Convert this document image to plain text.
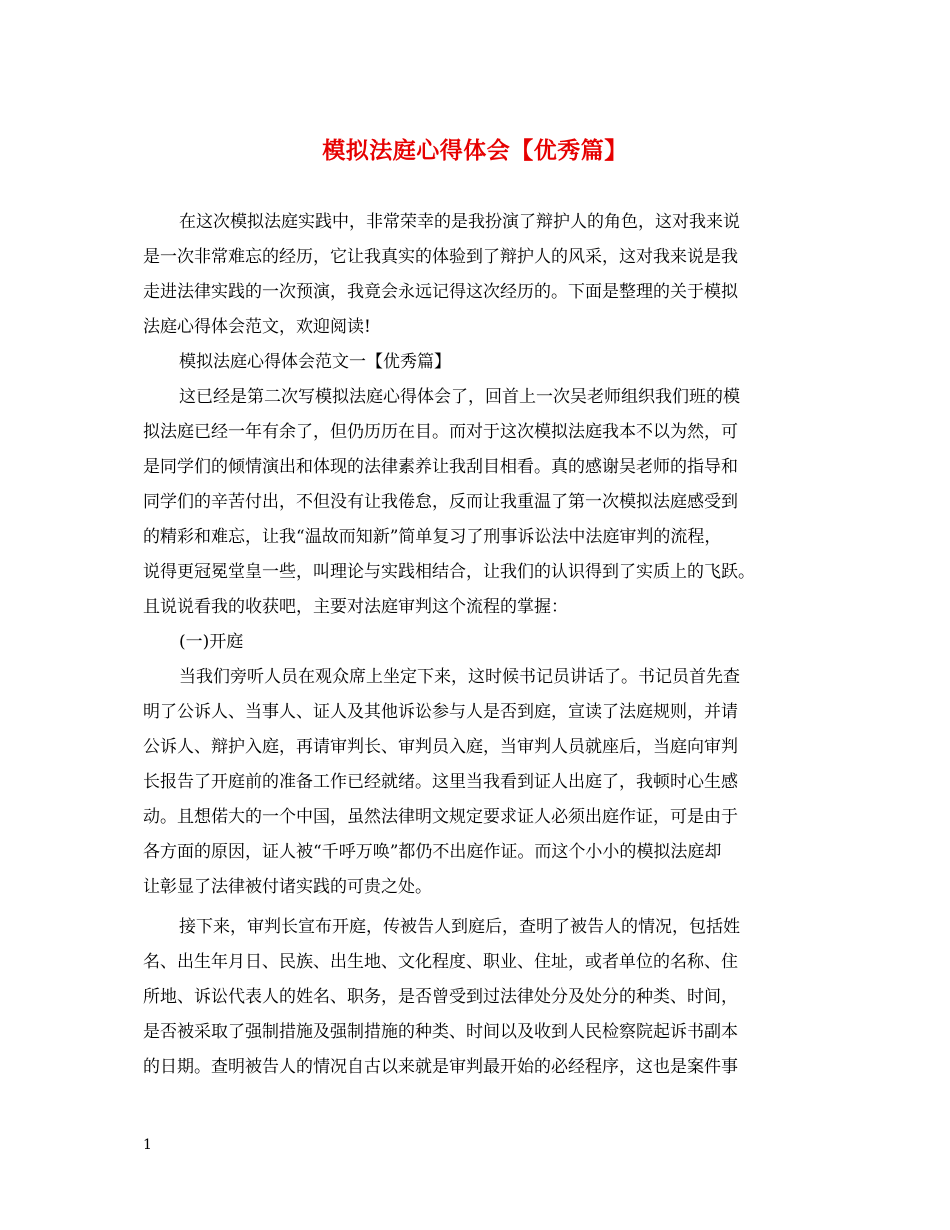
模拟法庭心得体会【优秀篇】
在这次模拟法庭实践中，非常荣幸的是我扮演了辩护人的角色，这对我来说
是一次非常难忘的经历，它让我真实的体验到了辩护人的风采，这对我来说是我
走进法律实践的一次预演，我竟会永远记得这次经历的。下面是整理的关于模拟
法庭心得体会范文，欢迎阅读!
模拟法庭心得体会范文一【优秀篇】
这已经是第二次写模拟法庭心得体会了，回首上一次吴老师组织我们班的模
拟法庭已经一年有余了，但仍历历在目。而对于这次模拟法庭我本不以为然，可
是同学们的倾情演出和体现的法律素养让我刮目相看。真的感谢吴老师的指导和
同学们的辛苦付出，不但没有让我倦怠，反而让我重温了第一次模拟法庭感受到
的精彩和难忘，让我“温故而知新”简单复习了刑事诉讼法中法庭审判的流程，
说得更冠冕堂皇一些，叫理论与实践相结合，让我们的认识得到了实质上的飞跃。
且说说看我的收获吧，主要对法庭审判这个流程的掌握：
(一)开庭
当我们旁听人员在观众席上坐定下来，这时候书记员讲话了。书记员首先查
明了公诉人、当事人、证人及其他诉讼参与人是否到庭，宣读了法庭规则，并请
公诉人、辩护入庭，再请审判长、审判员入庭，当审判人员就座后，当庭向审判
长报告了开庭前的准备工作已经就绪。这里当我看到证人出庭了，我顿时心生感
动。且想偌大的一个中国，虽然法律明文规定要求证人必须出庭作证，可是由于
各方面的原因，证人被“千呼万唤”都仍不出庭作证。而这个小小的模拟法庭却
让彰显了法律被付诸实践的可贵之处。
接下来，审判长宣布开庭，传被告人到庭后，查明了被告人的情况，包括姓
名、出生年月日、民族、出生地、文化程度、职业、住址，或者单位的名称、住
所地、诉讼代表人的姓名、职务，是否曾受到过法律处分及处分的种类、时间，
是否被采取了强制措施及强制措施的种类、时间以及收到人民检察院起诉书副本
的日期。查明被告人的情况自古以来就是审判最开始的必经程序，这也是案件事
1
